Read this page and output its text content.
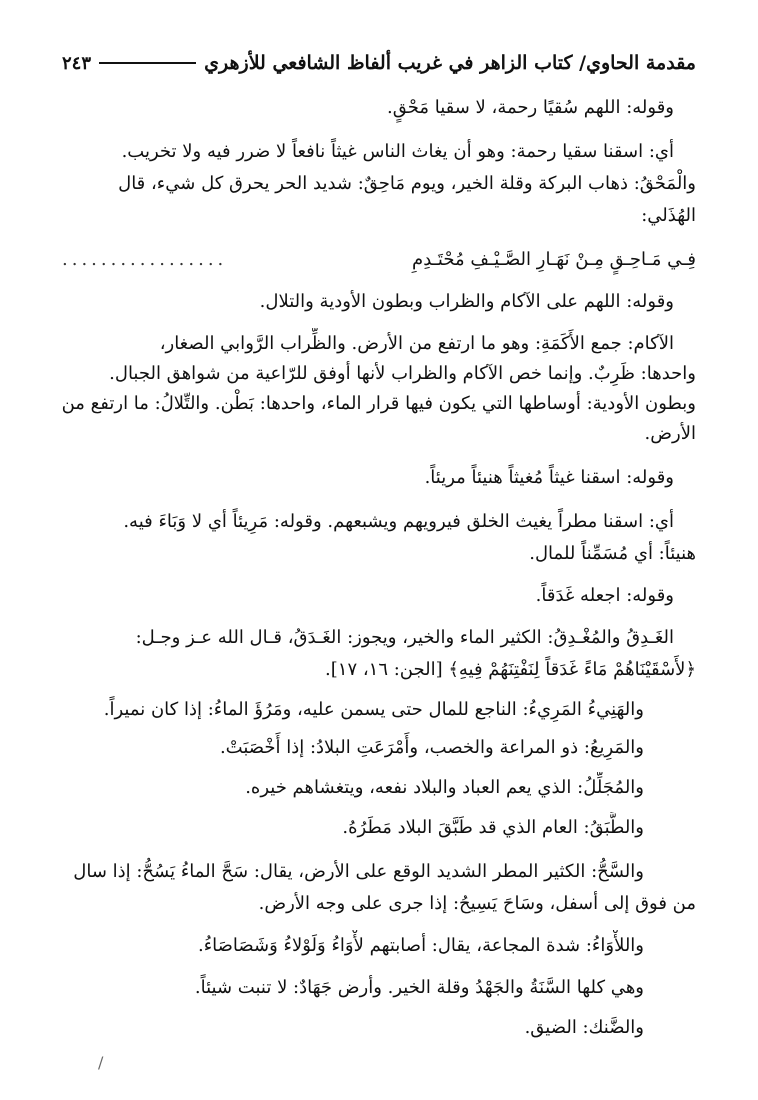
مقدمة الحاوي/ كتاب الزاهر في غريب ألفاظ الشافعي للأزهري
٢٤٣
وقوله: اللهم سُقيًا رحمة، لا سقيا مَحْقٍ.
أي: اسقنا سقيا رحمة: وهو أن يغاث الناس غيثاً نافعاً لا ضرر فيه ولا تخريب.
والْمَحْقُ: ذهاب البركة وقلة الخير، ويوم مَاحِقٌ: شديد الحر يحرق كل شيء، قال
الهُذَلي:
فِـي مَـاحِـقٍ مِـنْ نَهَـارِ الصَّـيْـفِ مُحْتَـدِمِ
.................
وقوله: اللهم على الآكام والظراب وبطون الأودية والتلال.
الآكام: جمع الأَكَمَةِ: وهو ما ارتفع من الأرض. والظِّراب الرَّوابي الصغار،
واحدها: ظَرِبٌ. وإنما خص الآكام والظراب لأنها أوفق للرّاعية من شواهق الجبال.
وبطون الأودية: أوساطها التي يكون فيها قرار الماء، واحدها: بَطْن. والتِّلالُ: ما ارتفع من
الأرض.
وقوله: اسقنا غيثاً مُغيثاً هنيئاً مريئاً.
أي: اسقنا مطراً يغيث الخلق فيرويهم ويشبعهم. وقوله: مَرِيئاً أي لا وَبَاءَ فيه.
هنيئاً: أي مُسَمِّناً للمال.
وقوله: اجعله غَدَقاً.
الغَـدِقُ والمُغْـدِقُ: الكثير الماء والخير، ويجوز: الغَـدَقُ، قـال الله عـز وجـل:
﴿لأَسْقَيْنَاهُمْ مَاءً غَدَقاً لِنَفْتِنَهُمْ فِيهِ﴾ [الجن: ١٦، ١٧].
والهَنِيءُ المَرِيءُ: الناجع للمال حتى يسمن عليه، ومَرُؤَ الماءُ: إذا كان نميراً.
والمَرِيعُ: ذو المراعة والخصب، وأَمْرَعَتِ البلادُ: إذا أَخْصَبَتْ.
والمُجَلِّلُ: الذي يعم العباد والبلاد نفعه، ويتغشاهم خيره.
والطَّبَقُ: العام الذي قد طَبَّقَ البلاد مَطَرُهُ.
والسَّحُّ: الكثير المطر الشديد الوقع على الأرض، يقال: سَحَّ الماءُ يَسُحُّ: إذا سال
من فوق إلى أسفل، وسَاحَ يَسِيحُ: إذا جرى على وجه الأرض.
واللأْوَاءُ: شدة المجاعة، يقال: أصابتهم لأْوَاءُ وَلَوْلاءُ وَشَصَاصَاءُ.
وهي كلها السَّنَةُ والجَهْدُ وقلة الخير. وأرض جَهَادٌ: لا تنبت شيئاً.
والضَّنك: الضيق.
/
